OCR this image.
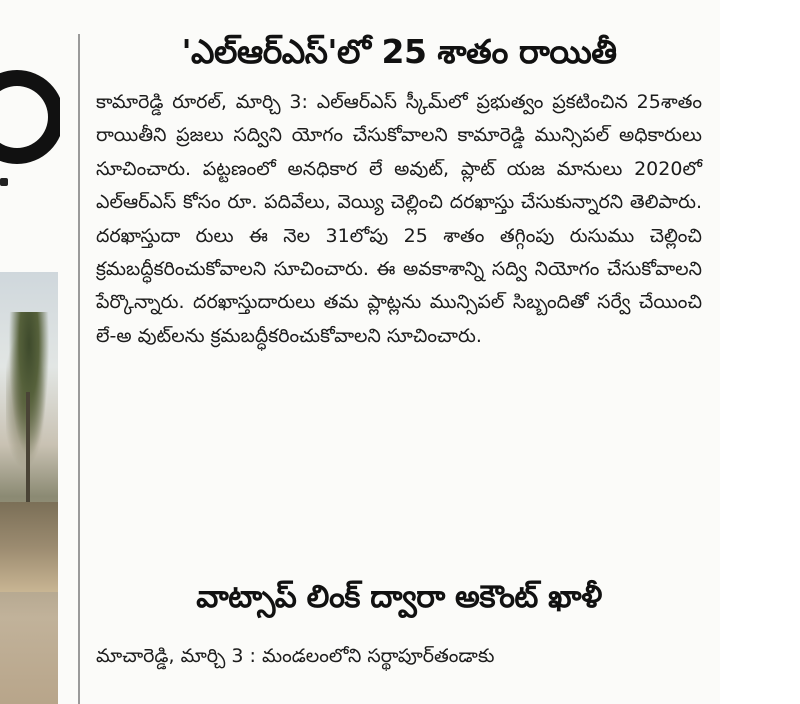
'ఎల్ఆర్ఎస్'లో 25 శాతం రాయితీ

కామారెడ్డి రూరల్, మార్చి 3: ఎల్ఆర్ఎస్ స్కీమ్‌లో ప్రభుత్వం ప్రకటించిన 25శాతం రాయితీని ప్రజలు సద్విని యోగం చేసుకోవాలని కామారెడ్డి మున్సిపల్ అధికారులు సూచించారు. పట్టణంలో అనధికార లే అవుట్, ప్లాట్ యజ మానులు 2020లో ఎల్ఆర్ఎస్ కోసం రూ. పదివేలు, వెయ్యి చెల్లించి దరఖాస్తు చేసుకున్నారని తెలిపారు. దరఖాస్తుదా రులు ఈ నెల 31లోపు 25 శాతం తగ్గింపు రుసుము చెల్లించి క్రమబద్ధీకరించుకోవాలని సూచించారు. ఈ అవకాశాన్ని సద్వి నియోగం చేసుకోవాలని పేర్కొన్నారు. దరఖాస్తుదారులు తమ ప్లాట్లను మున్సిపల్ సిబ్బందితో సర్వే చేయించి లే-అ వుట్‌లను క్రమబద్ధీకరించుకోవాలని సూచించారు.

వాట్సాప్ లింక్ ద్వారా అకౌంట్ ఖాళీ

మాచారెడ్డి, మార్చి 3 : మండలంలోని సర్థాపూర్‌తండాకు
